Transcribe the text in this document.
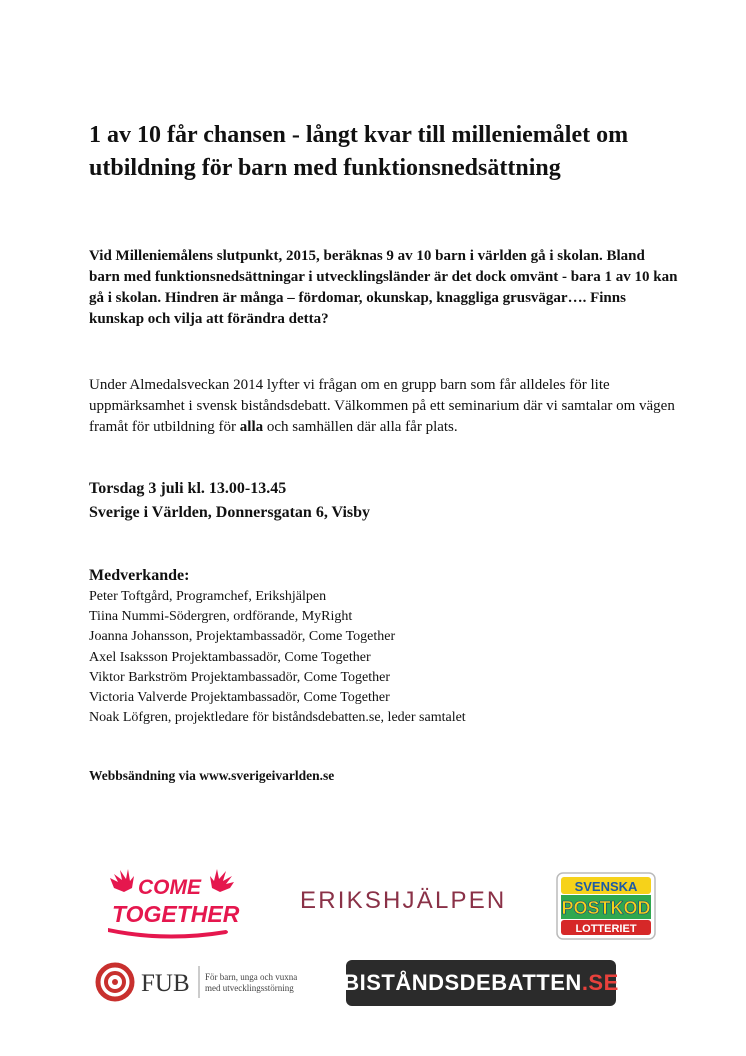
1 av 10 får chansen - långt kvar till milleniemålet om utbildning för barn med funktionsnedsättning

Vid Milleniemålens slutpunkt, 2015, beräknas 9 av 10 barn i världen gå i skolan. Bland barn med funktionsnedsättningar i utvecklingsländer är det dock omvänt - bara 1 av 10 kan gå i skolan. Hindren är många – fördomar, okunskap, knaggliga grusvägar…. Finns kunskap och vilja att förändra detta?

Under Almedalsveckan 2014 lyfter vi frågan om en grupp barn som får alldeles för lite uppmärksamhet i svensk biståndsdebatt. Välkommen på ett seminarium där vi samtalar om vägen framåt för utbildning för alla och samhällen där alla får plats.

Torsdag 3 juli kl. 13.00-13.45
Sverige i Världen, Donnersgatan 6, Visby
Medverkande:
Peter Toftgård, Programchef, Erikshjälpen
Tiina Nummi-Södergren, ordförande, MyRight
Joanna Johansson, Projektambassadör, Come Together
Axel Isaksson Projektambassadör, Come Together
Viktor Barkström Projektambassadör, Come Together
Victoria Valverde Projektambassadör, Come Together
Noak Löfgren, projektledare för biståndsdebatten.se, leder samtalet
Webbsändning via www.sverigeivarlden.se
COME
TOGETHER	ERIKSHJÄLPEN
SVENSKA
POSTKOD
LOTTERIET
FUB För barn, unga och vuxna
med utvecklingsstörning BISTÅNDSDEBATTEN.SE
